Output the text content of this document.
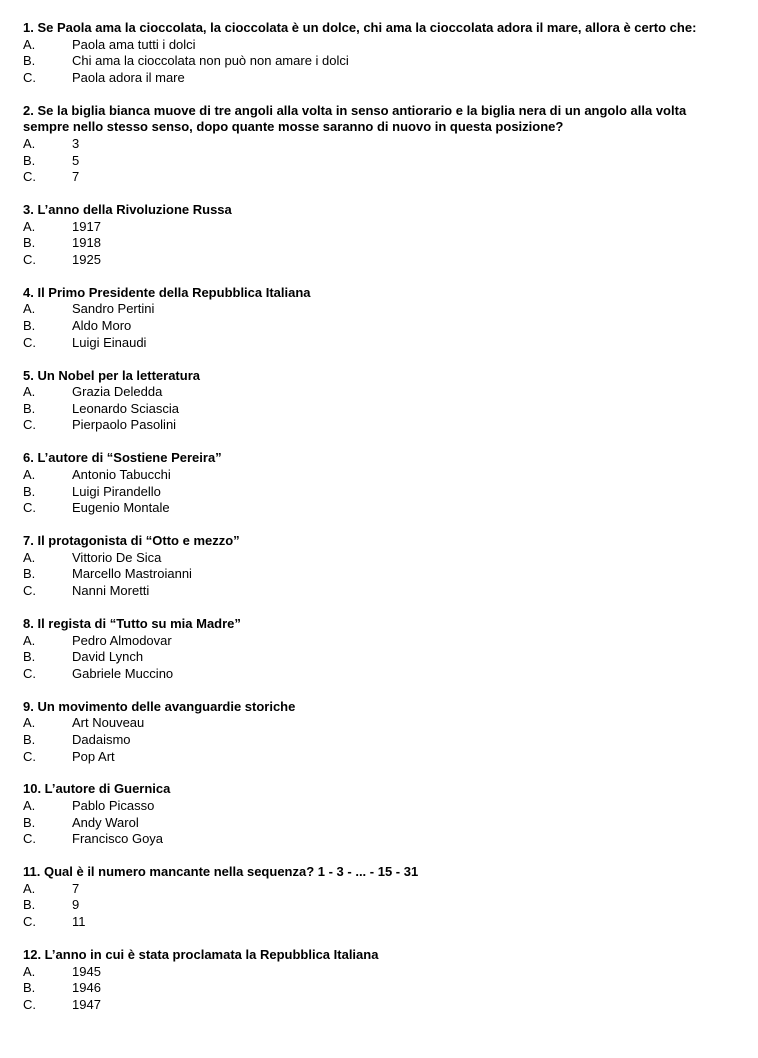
1. Se Paola ama la cioccolata, la cioccolata è un dolce, chi ama la cioccolata adora il mare, allora è certo che:

A.	Paola ama tutti i dolci
B.	Chi ama la cioccolata non può non amare i dolci
C.	Paola adora il mare

2. Se la biglia bianca muove di tre angoli alla volta in senso antiorario e la biglia nera di un angolo alla volta sempre nello stesso senso, dopo quante mosse saranno di nuovo in questa posizione?

A.	3
B.	5
C.	7

3. L’anno della Rivoluzione Russa

A.	1917
B.	1918
C.	1925

4. Il Primo Presidente della Repubblica Italiana

A.	Sandro Pertini
B.	Aldo Moro
C.	Luigi Einaudi

5. Un Nobel per la letteratura

A.	Grazia Deledda
B.	Leonardo Sciascia
C.	Pierpaolo Pasolini

6. L’autore di “Sostiene Pereira”

A.	Antonio Tabucchi
B.	Luigi Pirandello
C.	Eugenio Montale

7. Il protagonista di “Otto e mezzo”

A.	Vittorio De Sica
B.	Marcello Mastroianni
C.	Nanni Moretti

8. Il regista di “Tutto su mia Madre”

A.	Pedro Almodovar
B.	David Lynch
C.	Gabriele Muccino

9. Un movimento delle avanguardie storiche

A.	Art Nouveau
B.	Dadaismo
C.	Pop Art

10. L’autore di Guernica

A.	Pablo Picasso
B.	Andy Warol
C.	Francisco Goya

11. Qual è il numero mancante nella sequenza? 1 - 3 - ... - 15 - 31

A.	7
B.	9
C.	11

12. L’anno in cui è stata proclamata la Repubblica Italiana

A.	1945
B.	1946
C.	1947
